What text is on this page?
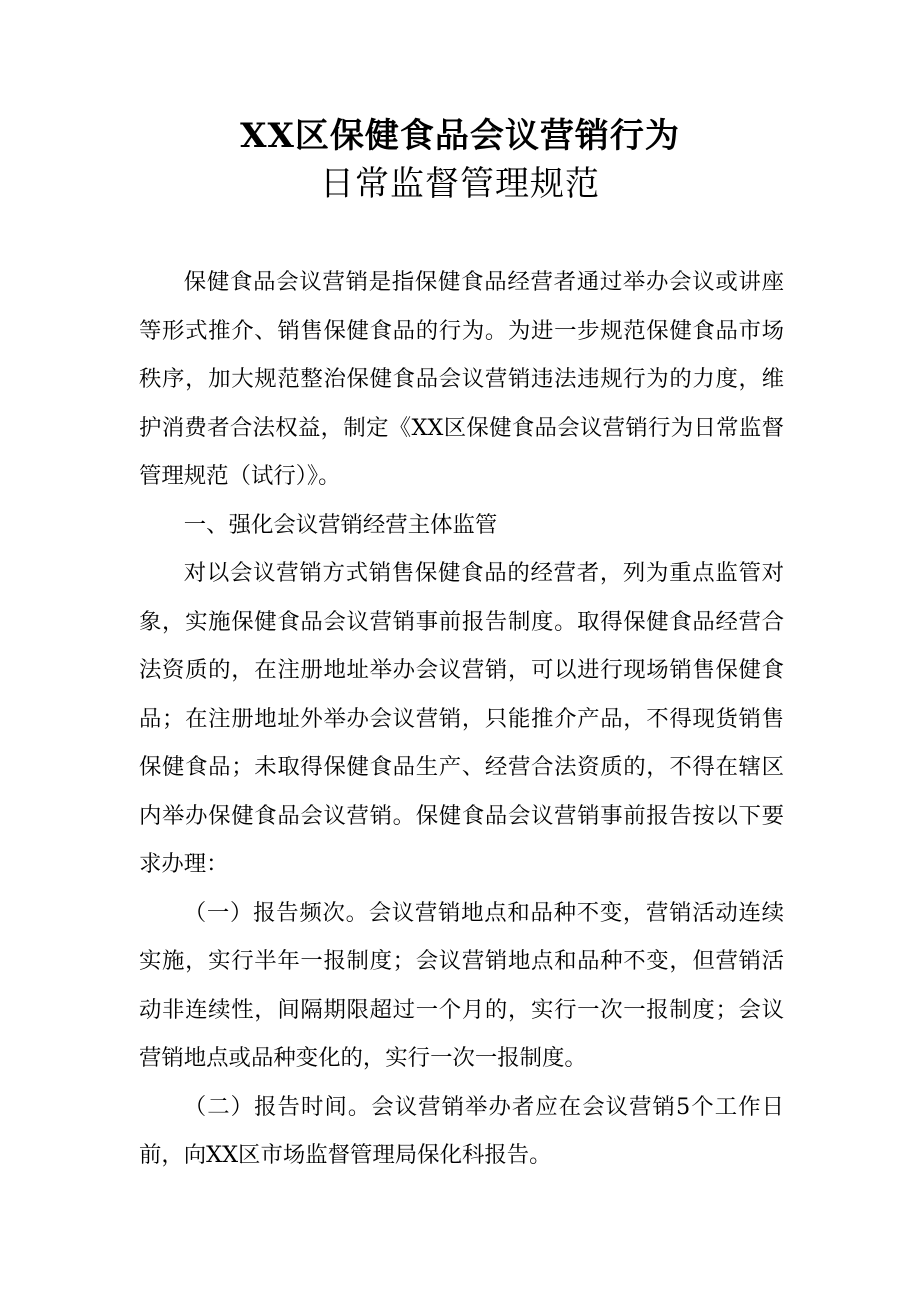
XX区保健食品会议营销行为
日常监督管理规范

保健食品会议营销是指保健食品经营者通过举办会议或讲座等形式推介、销售保健食品的行为。为进一步规范保健食品市场秩序，加大规范整治保健食品会议营销违法违规行为的力度，维护消费者合法权益，制定《XX区保健食品会议营销行为日常监督管理规范（试行）》。

一、强化会议营销经营主体监管

对以会议营销方式销售保健食品的经营者，列为重点监管对象，实施保健食品会议营销事前报告制度。取得保健食品经营合法资质的，在注册地址举办会议营销，可以进行现场销售保健食品；在注册地址外举办会议营销，只能推介产品，不得现货销售保健食品；未取得保健食品生产、经营合法资质的，不得在辖区内举办保健食品会议营销。保健食品会议营销事前报告按以下要求办理：

（一）报告频次。会议营销地点和品种不变，营销活动连续实施，实行半年一报制度；会议营销地点和品种不变，但营销活动非连续性，间隔期限超过一个月的，实行一次一报制度；会议营销地点或品种变化的，实行一次一报制度。

（二）报告时间。会议营销举办者应在会议营销5个工作日前，向XX区市场监督管理局保化科报告。
